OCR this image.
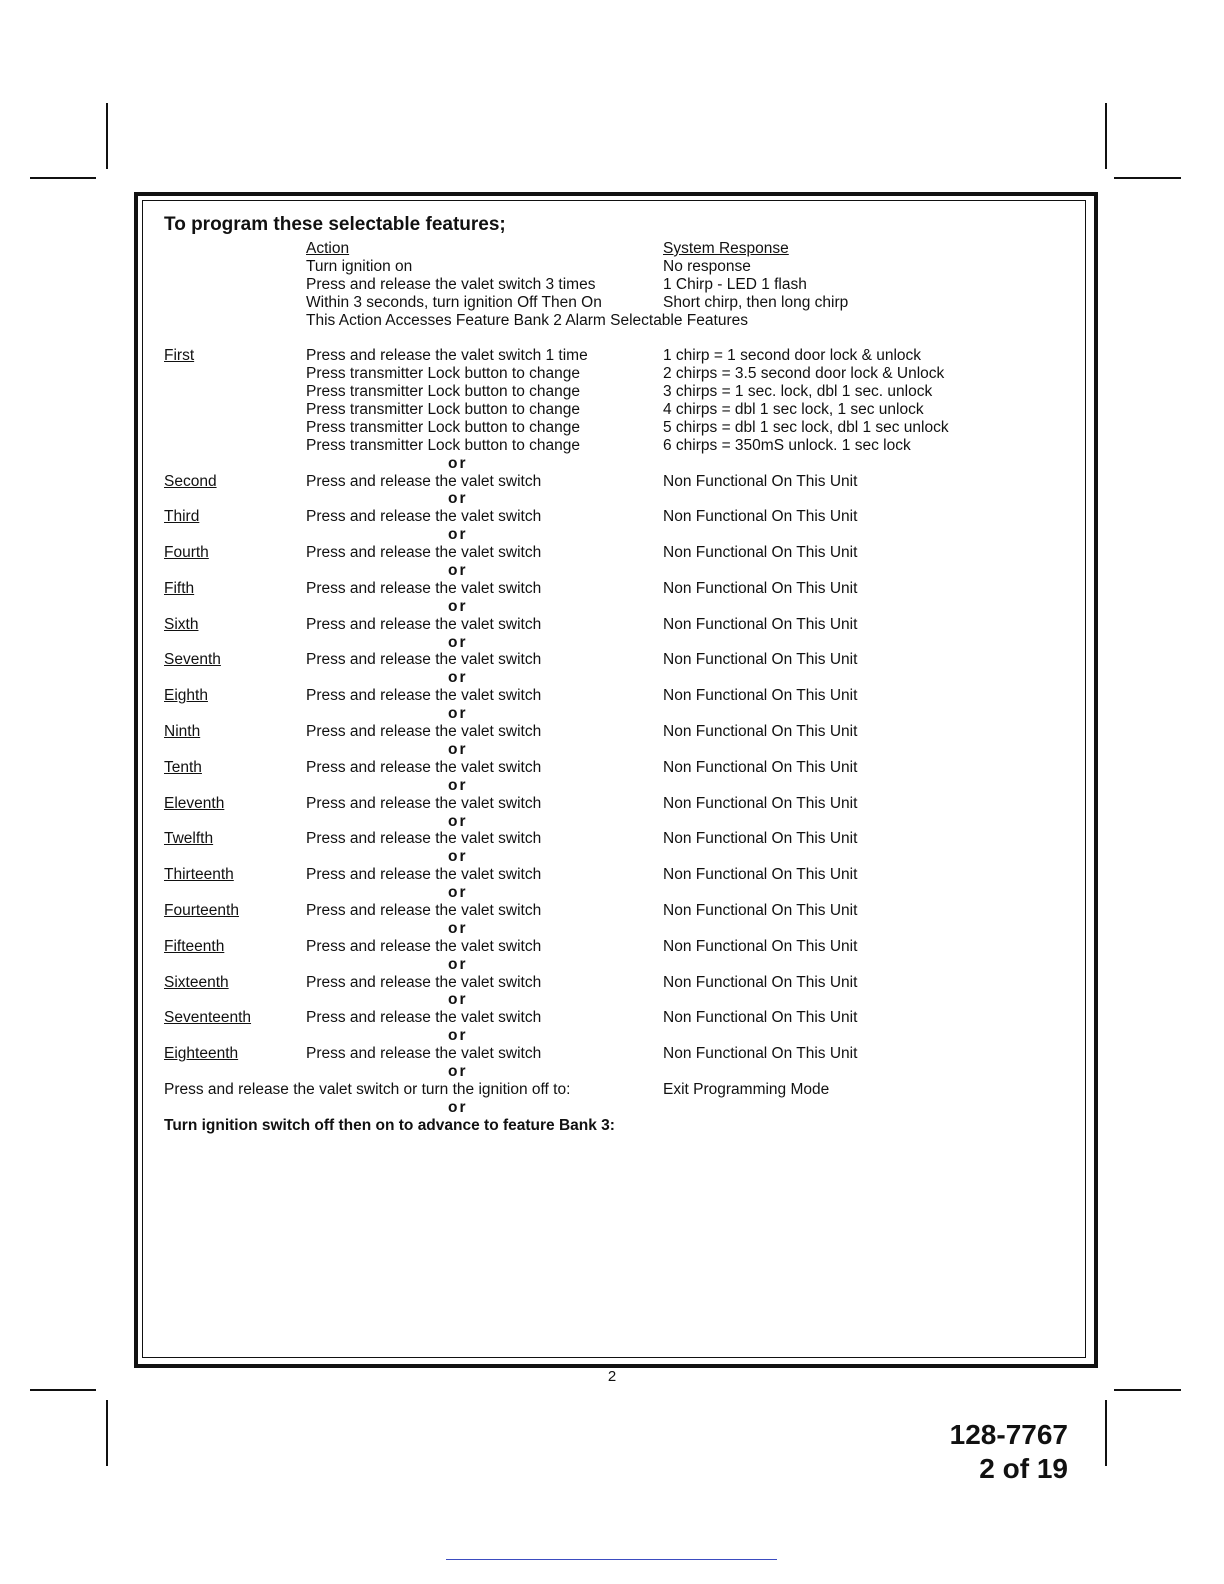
To program these selectable features;
Action	System Response
Turn ignition on	No response
Press and release the valet switch 3 times	1 Chirp - LED 1 flash
Within 3 seconds, turn ignition Off Then On	Short chirp, then long chirp
This Action Accesses Feature Bank 2 Alarm Selectable Features
First	Press and release the valet switch 1 time	1 chirp = 1 second door lock & unlock
Press transmitter Lock button to change	2 chirps = 3.5 second door lock & Unlock
Press transmitter Lock button to change	3 chirps = 1 sec. lock, dbl 1 sec. unlock
Press transmitter Lock button to change	4 chirps = dbl 1 sec lock, 1 sec unlock
Press transmitter Lock button to change	5 chirps = dbl 1 sec lock, dbl 1 sec unlock
Press transmitter Lock button to change	6 chirps = 350mS unlock. 1 sec lock
or
Second	Press and release the valet switch	Non Functional On This Unit
or
Third	Press and release the valet switch	Non Functional On This Unit
or
Fourth	Press and release the valet switch	Non Functional On This Unit
or
Fifth	Press and release the valet switch	Non Functional On This Unit
or
Sixth	Press and release the valet switch	Non Functional On This Unit
or
Seventh	Press and release the valet switch	Non Functional On This Unit
or
Eighth	Press and release the valet switch	Non Functional On This Unit
or
Ninth	Press and release the valet switch	Non Functional On This Unit
or
Tenth	Press and release the valet switch	Non Functional On This Unit
or
Eleventh	Press and release the valet switch	Non Functional On This Unit
or
Twelfth	Press and release the valet switch	Non Functional On This Unit
or
Thirteenth	Press and release the valet switch	Non Functional On This Unit
or
Fourteenth	Press and release the valet switch	Non Functional On This Unit
or
Fifteenth	Press and release the valet switch	Non Functional On This Unit
or
Sixteenth	Press and release the valet switch	Non Functional On This Unit
or
Seventeenth	Press and release the valet switch	Non Functional On This Unit
or
Eighteenth	Press and release the valet switch	Non Functional On This Unit
or
Press and release the valet switch or turn the ignition off to:	Exit Programming Mode
or
Turn ignition switch off then on to advance to feature Bank 3:
2
128-7767
2 of 19
